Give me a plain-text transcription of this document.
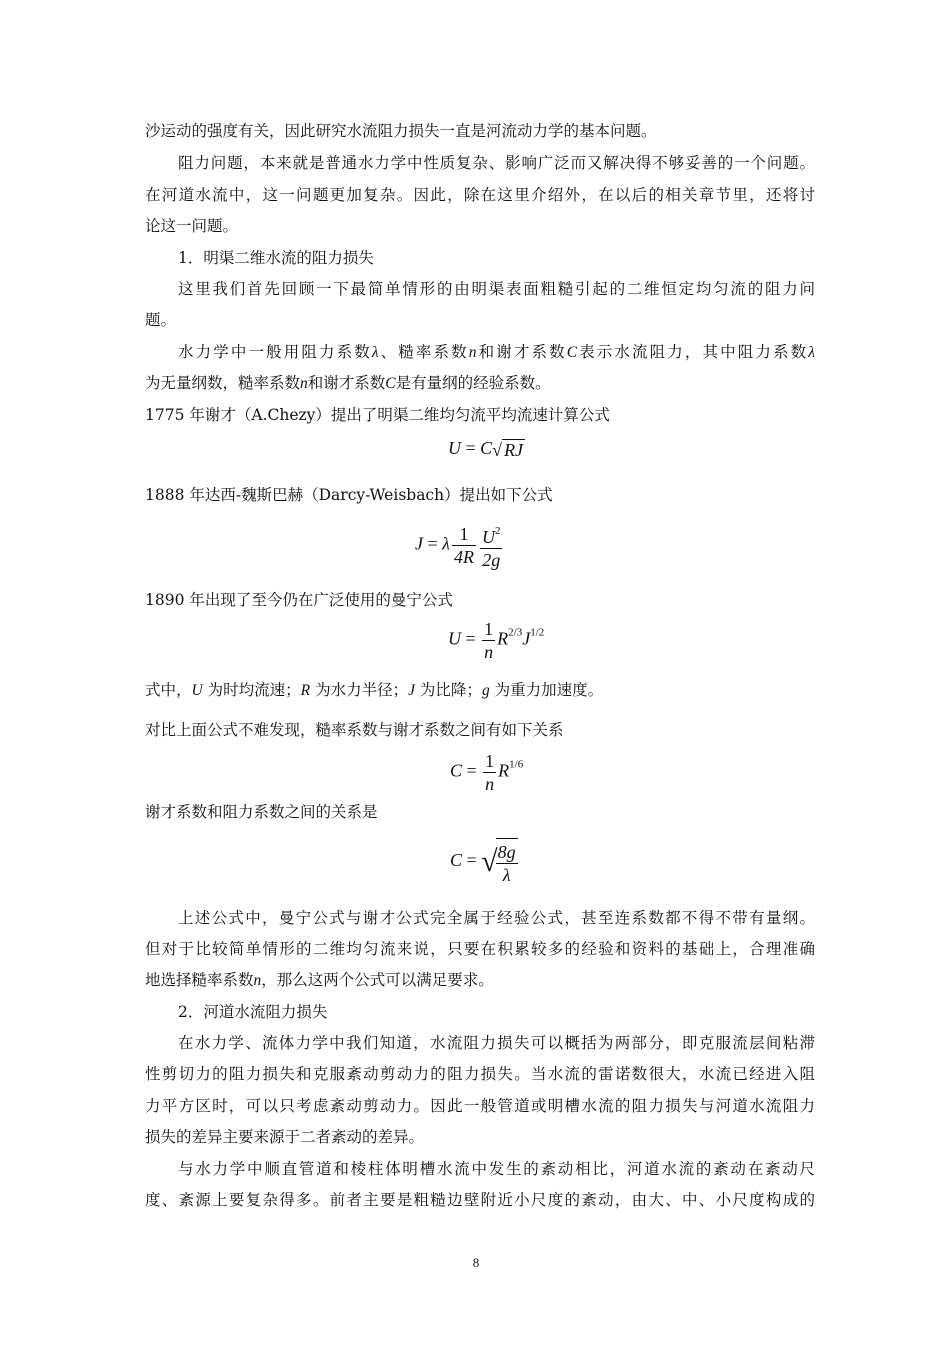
沙运动的强度有关，因此研究水流阻力损失一直是河流动力学的基本问题。
阻力问题，本来就是普通水力学中性质复杂、影响广泛而又解决得不够妥善的一个问题。
在河道水流中，这一问题更加复杂。因此，除在这里介绍外，在以后的相关章节里，还将讨
论这一问题。
1．明渠二维水流的阻力损失
这里我们首先回顾一下最简单情形的由明渠表面粗糙引起的二维恒定均匀流的阻力问
题。
水力学中一般用阻力系数λ、糙率系数n和谢才系数C表示水流阻力，其中阻力系数λ
为无量纲数，糙率系数n和谢才系数C是有量纲的经验系数。
1775 年谢才（A.Chezy）提出了明渠二维均匀流平均流速计算公式
U = C√ RJ
1888 年达西-魏斯巴赫（Darcy-Weisbach）提出如下公式
J = λ $\frac{1}{4R} \frac{U^2}{2g}$
1890 年出现了至今仍在广泛使用的曼宁公式
$U = \frac{1}{n} R^{2/3}J^{1/2}$
式中，U 为时均流速；R 为水力半径；J 为比降；g 为重力加速度。
对比上面公式不难发现，糙率系数与谢才系数之间有如下关系
$C = \frac{1}{n} R^{1/6}$
谢才系数和阻力系数之间的关系是
C = √
$\frac{8g}{\lambda}$
上述公式中，曼宁公式与谢才公式完全属于经验公式，甚至连系数都不得不带有量纲。
但对于比较简单情形的二维均匀流来说，只要在积累较多的经验和资料的基础上，合理准确
地选择糙率系数n，那么这两个公式可以满足要求。
2．河道水流阻力损失
在水力学、流体力学中我们知道，水流阻力损失可以概括为两部分，即克服流层间粘滞
性剪切力的阻力损失和克服紊动剪动力的阻力损失。当水流的雷诺数很大，水流已经进入阻
力平方区时，可以只考虑紊动剪动力。因此一般管道或明槽水流的阻力损失与河道水流阻力
损失的差异主要来源于二者紊动的差异。
与水力学中顺直管道和棱柱体明槽水流中发生的紊动相比，河道水流的紊动在紊动尺
度、紊源上要复杂得多。前者主要是粗糙边壁附近小尺度的紊动，由大、中、小尺度构成的
8
